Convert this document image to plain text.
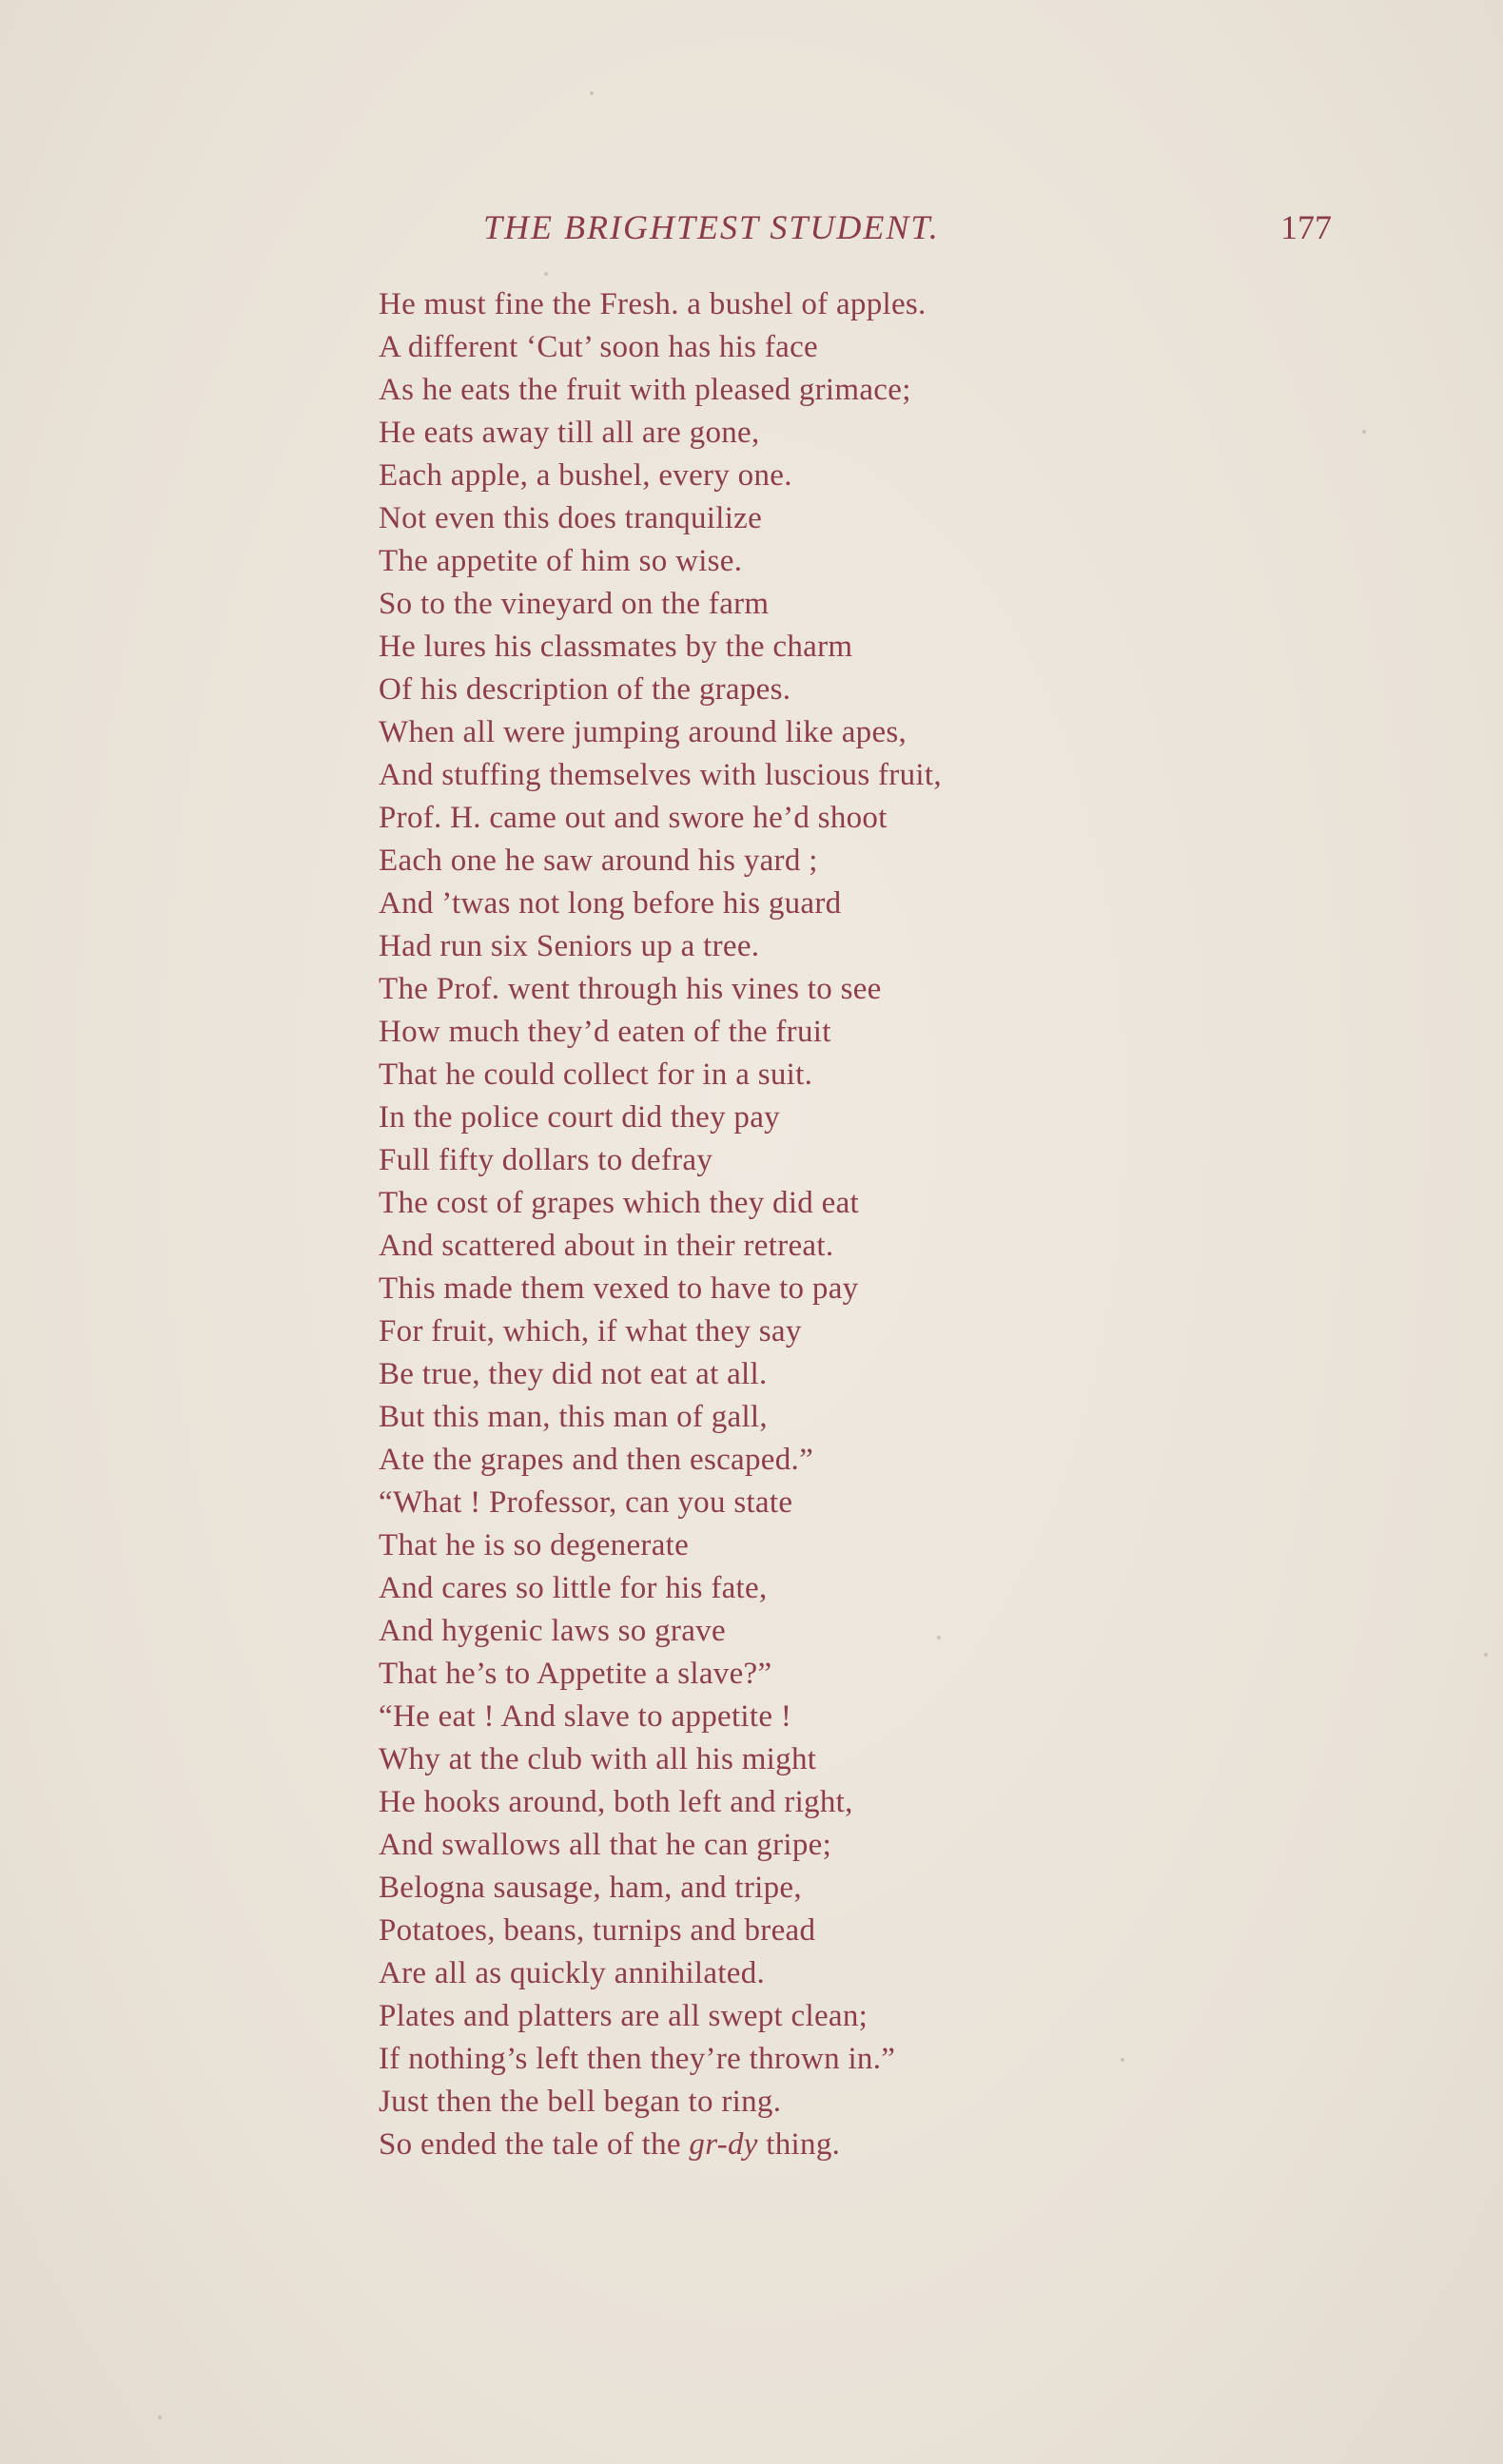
THE BRIGHTEST STUDENT.	177
He must fine the Fresh. a bushel of apples.
A different ‘Cut’ soon has his face
As he eats the fruit with pleased grimace;
He eats away till all are gone,
Each apple, a bushel, every one.
Not even this does tranquilize
The appetite of him so wise.
So to the vineyard on the farm
He lures his classmates by the charm
Of his description of the grapes.
When all were jumping around like apes,
And stuffing themselves with luscious fruit,
Prof. H. came out and swore he’d shoot
Each one he saw around his yard ;
And ’twas not long before his guard
Had run six Seniors up a tree.
The Prof. went through his vines to see
How much they’d eaten of the fruit
That he could collect for in a suit.
In the police court did they pay
Full fifty dollars to defray
The cost of grapes which they did eat
And scattered about in their retreat.
This made them vexed to have to pay
For fruit, which, if what they say
Be true, they did not eat at all.
But this man, this man of gall,
Ate the grapes and then escaped.”
“What ! Professor, can you state
That he is so degenerate
And cares so little for his fate,
And hygenic laws so grave
That he’s to Appetite a slave?”
“He eat ! And slave to appetite !
Why at the club with all his might
He hooks around, both left and right,
And swallows all that he can gripe;
Belogna sausage, ham, and tripe,
Potatoes, beans, turnips and bread
Are all as quickly annihilated.
Plates and platters are all swept clean;
If nothing’s left then they’re thrown in.”
Just then the bell began to ring.
So ended the tale of the gr-dy thing.
